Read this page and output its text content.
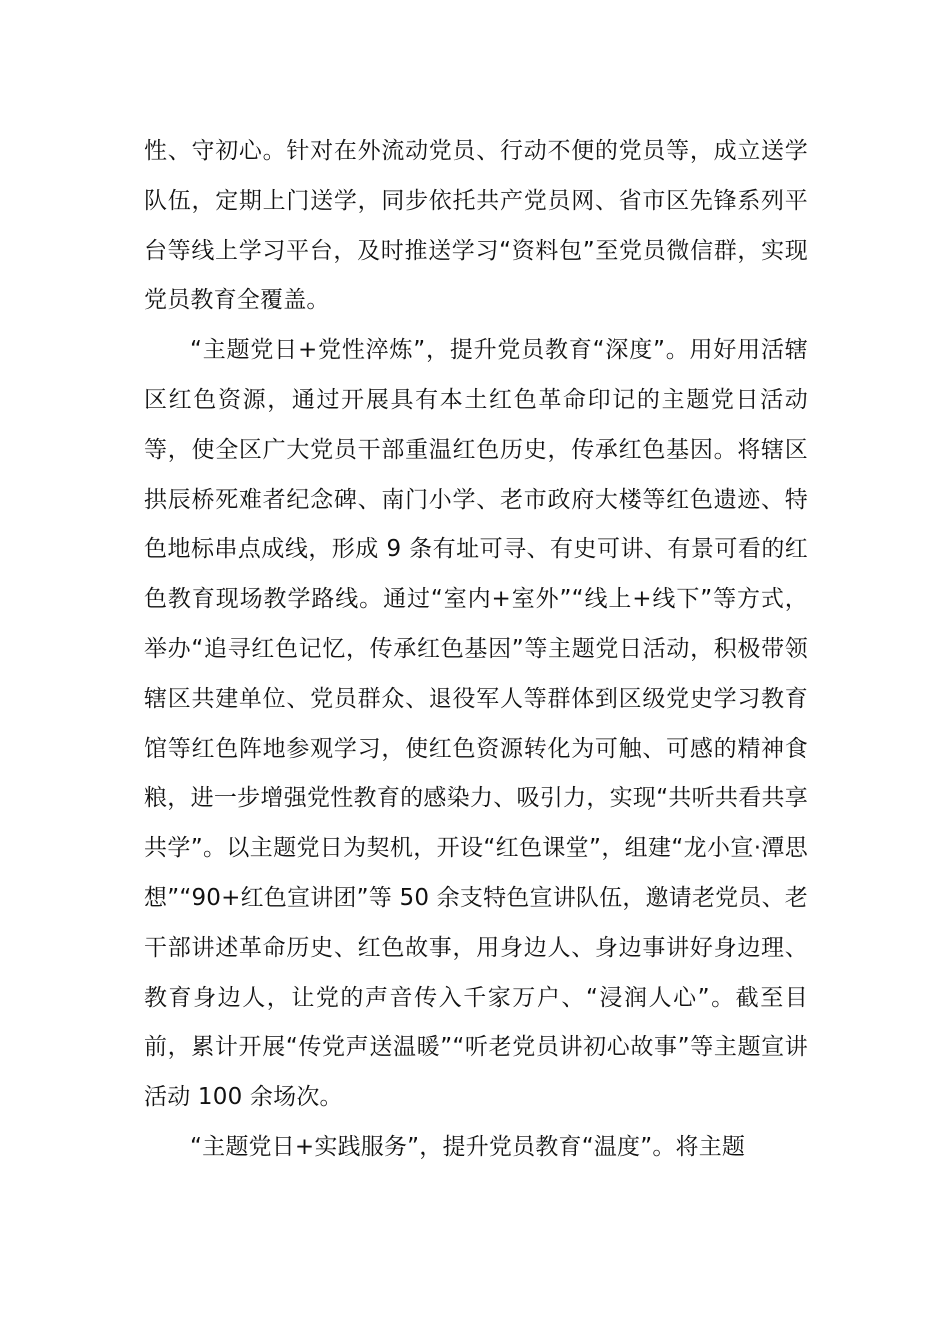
性、守初心。针对在外流动党员、行动不便的党员等，成立送学队伍，定期上门送学，同步依托共产党员网、省市区先锋系列平台等线上学习平台，及时推送学习“资料包”至党员微信群，实现党员教育全覆盖。

“主题党日+党性淬炼”，提升党员教育“深度”。用好用活辖区红色资源，通过开展具有本土红色革命印记的主题党日活动等，使全区广大党员干部重温红色历史，传承红色基因。将辖区拱辰桥死难者纪念碑、南门小学、老市政府大楼等红色遗迹、特色地标串点成线，形成 9 条有址可寻、有史可讲、有景可看的红色教育现场教学路线。通过“室内+室外”“线上+线下”等方式，举办“追寻红色记忆，传承红色基因”等主题党日活动，积极带领辖区共建单位、党员群众、退役军人等群体到区级党史学习教育馆等红色阵地参观学习，使红色资源转化为可触、可感的精神食粮，进一步增强党性教育的感染力、吸引力，实现“共听共看共享共学”。以主题党日为契机，开设“红色课堂”，组建“龙小宣·潭思想”“90+红色宣讲团”等 50 余支特色宣讲队伍，邀请老党员、老干部讲述革命历史、红色故事，用身边人、身边事讲好身边理、教育身边人，让党的声音传入千家万户、“浸润人心”。截至目前，累计开展“传党声送温暖”“听老党员讲初心故事”等主题宣讲活动 100 余场次。

“主题党日+实践服务”，提升党员教育“温度”。将主题
